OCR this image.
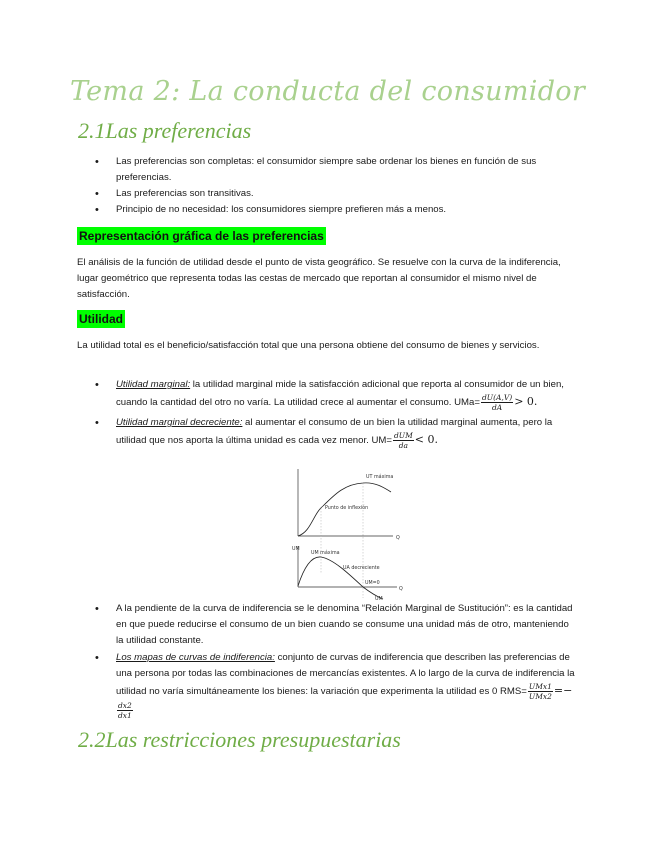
Tema 2: La conducta del consumidor
2.1Las preferencias
• Las preferencias son completas: el consumidor siempre sabe ordenar los bienes en función de sus preferencias.
• Las preferencias son transitivas.
• Principio de no necesidad: los consumidores siempre prefieren más a menos.
Representación gráfica de las preferencias
El análisis de la función de utilidad desde el punto de vista geográfico. Se resuelve con la curva de la indiferencia, lugar geométrico que representa todas las cestas de mercado que reportan al consumidor el mismo nivel de satisfacción.
Utilidad
La utilidad total es el beneficio/satisfacción total que una persona obtiene del consumo de bienes y servicios.
• Utilidad marginal: la utilidad marginal mide la satisfacción adicional que reporta al consumidor de un bien, cuando la cantidad del otro no varía. La utilidad crece al aumentar el consumo. $UMa= \frac{dU(A,V)}{dA} > 0$.
• Utilidad marginal decreciente: al aumentar el consumo de un bien la utilidad marginal aumenta, pero la utilidad que nos aporta la última unidad es cada vez menor. $UM= \frac{\text{dUM}}{da} < 0$.
UT máxima
Punto de inflexión
Q
UM
UM máxima
UA decreciente
UM=0
Q
UM
• A la pendiente de la curva de indiferencia se le denomina “Relación Marginal de Sustitución”: es la cantidad en que puede reducirse el consumo de un bien cuando se consume una unidad más de otro, manteniendo la utilidad constante.
• Los mapas de curvas de indiferencia: conjunto de curvas de indiferencia que describen las preferencias de una persona por todas las combinaciones de mercancías existentes. A lo largo de la curva de indiferencia la utilidad no varía simultáneamente los bienes: la variación que experimenta la utilidad es 0 $RMS= \frac{\text{UMx1}}{\text{UMx2}}$ =−
$\frac{dx2}{dx1}$
2.2Las restricciones presupuestarias
